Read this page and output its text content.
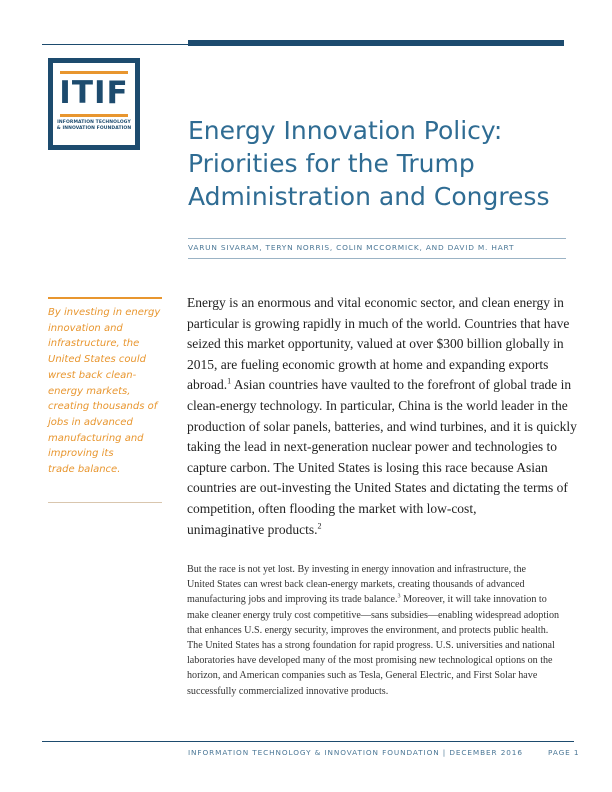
ITIF
INFORMATION TECHNOLOGY
& INNOVATION FOUNDATION Energy Innovation Policy:
Priorities for the Trump
Administration and Congress
VARUN SIVARAM, TERYN NORRIS, COLIN MCCORMICK, AND DAVID M. HART
By investing in energy
innovation and
infrastructure, the
United States could
wrest back clean-
energy markets,
creating thousands of
jobs in advanced
manufacturing and
improving its
trade balance.
Energy is an enormous and vital economic sector, and clean energy in
particular is growing rapidly in much of the world. Countries that have
seized this market opportunity, valued at over $300 billion globally in
2015, are fueling economic growth at home and expanding exports
abroad.$^1$ Asian countries have vaulted to the forefront of global trade in
clean-energy technology. In particular, China is the world leader in the
production of solar panels, batteries, and wind turbines, and it is quickly
taking the lead in next-generation nuclear power and technologies to
capture carbon. The United States is losing this race because Asian
countries are out-investing the United States and dictating the terms of
competition, often flooding the market with low-cost,
unimaginative products.$^2$
But the race is not yet lost. By investing in energy innovation and infrastructure, the
United States can wrest back clean-energy markets, creating thousands of advanced
manufacturing jobs and improving its trade balance.$^3$ Moreover, it will take innovation to
make cleaner energy truly cost competitive—sans subsidies—enabling widespread adoption
that enhances U.S. energy security, improves the environment, and protects public health.
The United States has a strong foundation for rapid progress. U.S. universities and national
laboratories have developed many of the most promising new technological options on the
horizon, and American companies such as Tesla, General Electric, and First Solar have
successfully commercialized innovative products.
INFORMATION TECHNOLOGY & INNOVATION FOUNDATION | DECEMBER 2016	PAGE 1
